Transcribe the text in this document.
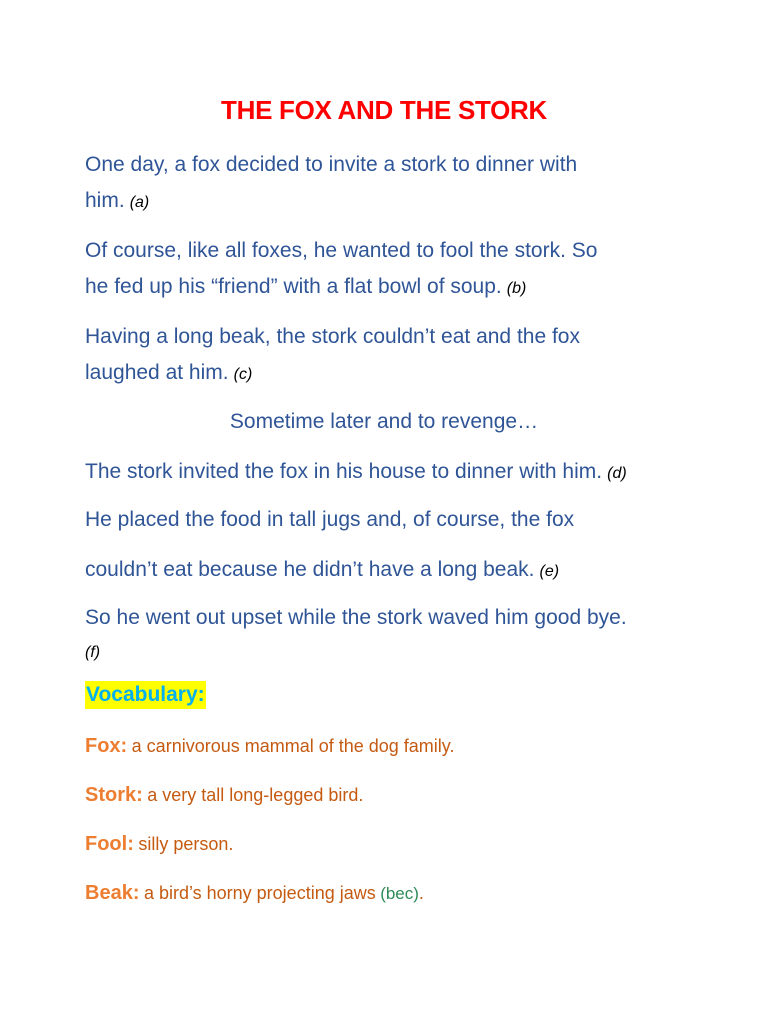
THE FOX AND THE STORK

One day, a fox decided to invite a stork to dinner with

him. (a)

Of course, like all foxes, he wanted to fool the stork. So

he fed up his “friend” with a flat bowl of soup. (b)

Having a long beak, the stork couldn’t eat and the fox

laughed at him. (c)

Sometime later and to revenge…

The stork invited the fox in his house to dinner with him. (d)

He placed the food in tall jugs and, of course, the fox

couldn’t eat because he didn’t have a long beak. (e)

So he went out upset while the stork waved him good bye.

(f)

Vocabulary:

Fox: a carnivorous mammal of the dog family.

Stork: a very tall long-legged bird.

Fool: silly person.

Beak: a bird’s horny projecting jaws (bec).
